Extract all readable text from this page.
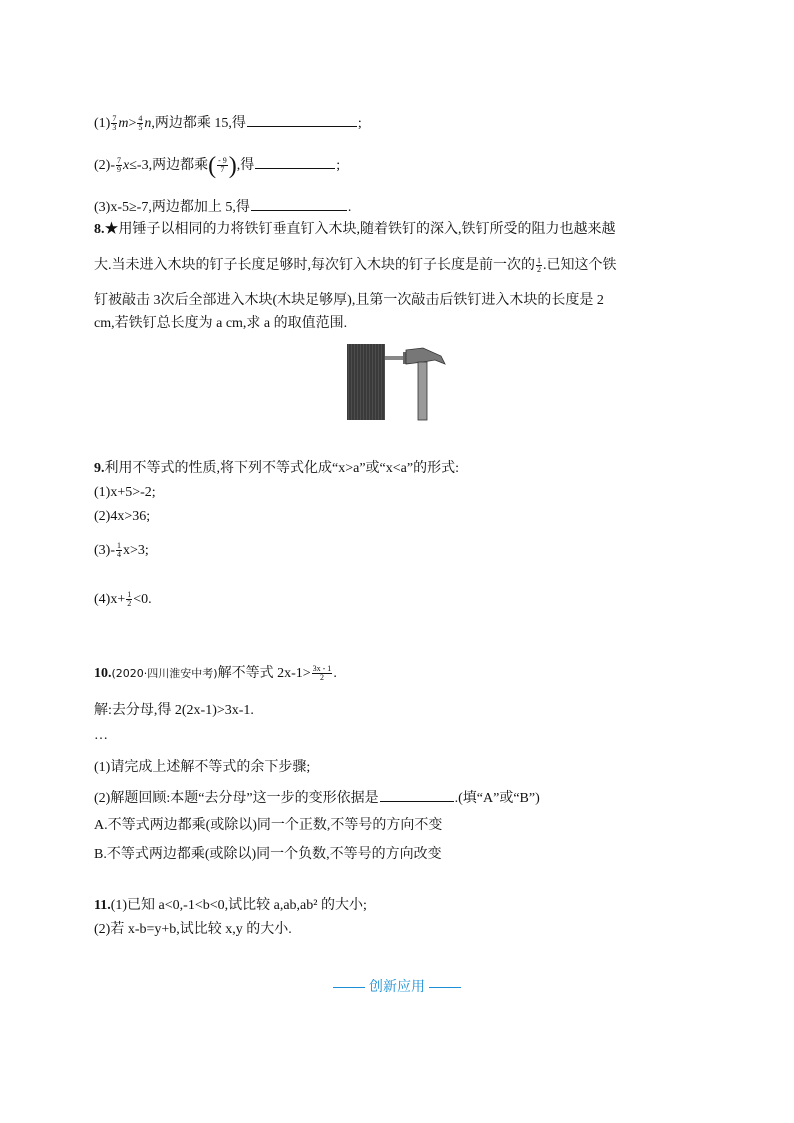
$(1) \frac{7}{3} m> \frac{4}{5} n$,两边都乘 15,得	;
$(2)- \frac{7}{9} x\le-3$,两边都乘( $\frac{- 9}{7}$ ),得	;
(3)x-5≥-7,两边都加上 5,得	.
8.★用锤子以相同的力将铁钉垂直钉入木块,随着铁钉的深入,铁钉所受的阻力也越来越
大.当未进入木块的钉子长度足够时,每次钉入木块的钉子长度是前一次的 $\frac{1}{2}$ .已知这个铁
钉被敲击 3次后全部进入木块(木块足够厚),且第一次敲击后铁钉进入木块的长度是 2
cm,若铁钉总长度为 a cm,求 a 的取值范围.
9.利用不等式的性质,将下列不等式化成“x>a”或“x<a”的形式:
(1)x+5>-2;
(2)4x>36;
$(3)- \frac{1}{4} x>3$;
$(4)x+ \frac{1}{2} <0$.
10.(2020·四川淮安中考)解不等式 $2x-1> \frac{3x - 1}{2}$ .
解:去分母,得 2(2x-1)>3x-1.
…
(1)请完成上述解不等式的余下步骤;
(2)解题回顾:本题“去分母”这一步的变形依据是	.(填“A”或“B”)
A.不等式两边都乘(或除以)同一个正数,不等号的方向不变
B.不等式两边都乘(或除以)同一个负数,不等号的方向改变
11.(1)已知 a<0,-1<b<0,试比较 a,ab,ab² 的大小;
(2)若 x-b=y+b,试比较 x,y 的大小.
创新应用
